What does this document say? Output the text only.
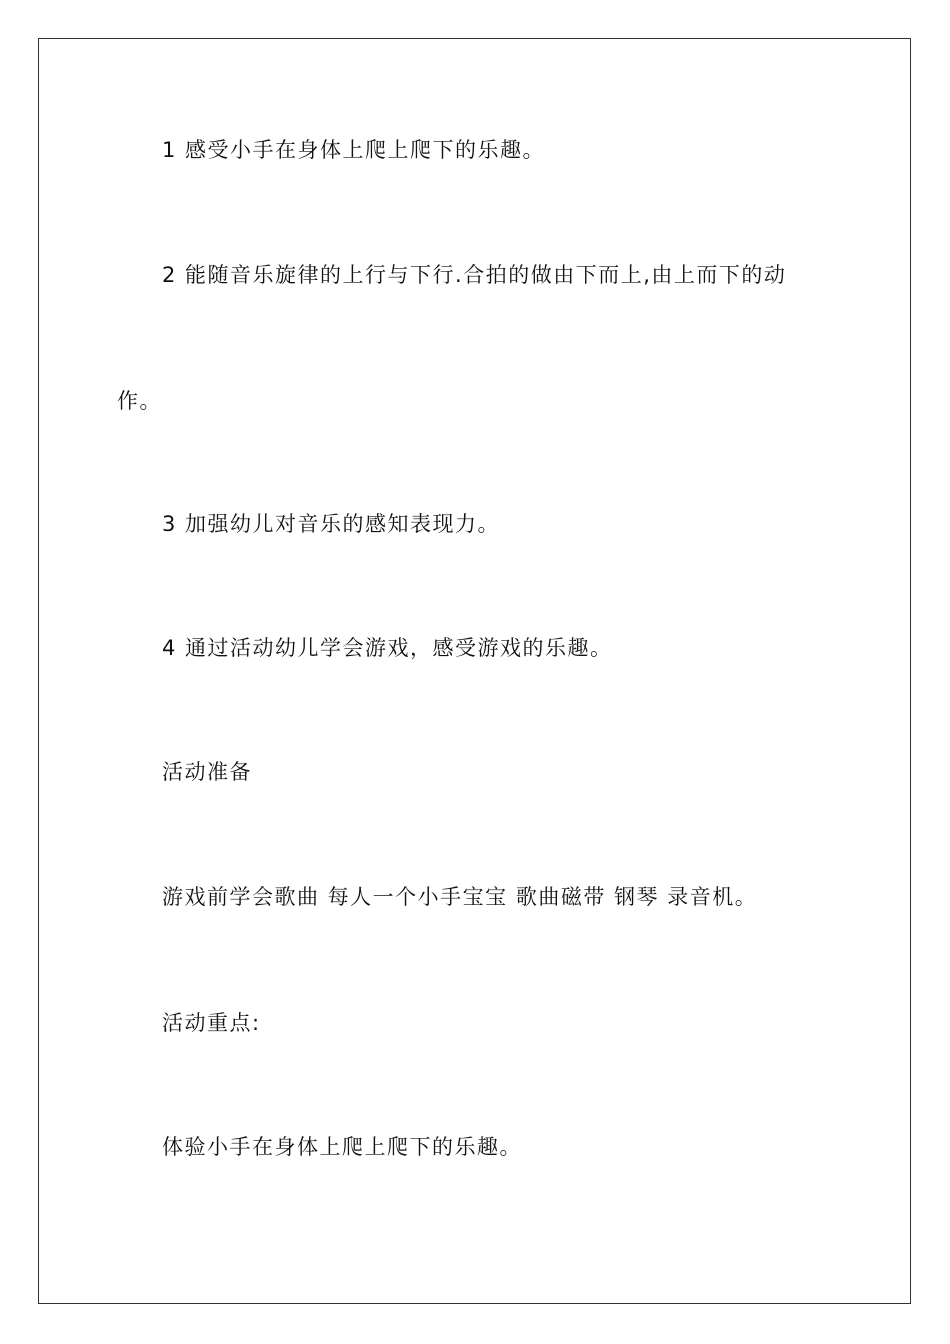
1 感受小手在身体上爬上爬下的乐趣。
2 能随音乐旋律的上行与下行.合拍的做由下而上,由上而下的动
作。
3 加强幼儿对音乐的感知表现力。
4 通过活动幼儿学会游戏，感受游戏的乐趣。
活动准备
游戏前学会歌曲 每人一个小手宝宝 歌曲磁带 钢琴 录音机。
活动重点:
体验小手在身体上爬上爬下的乐趣。
